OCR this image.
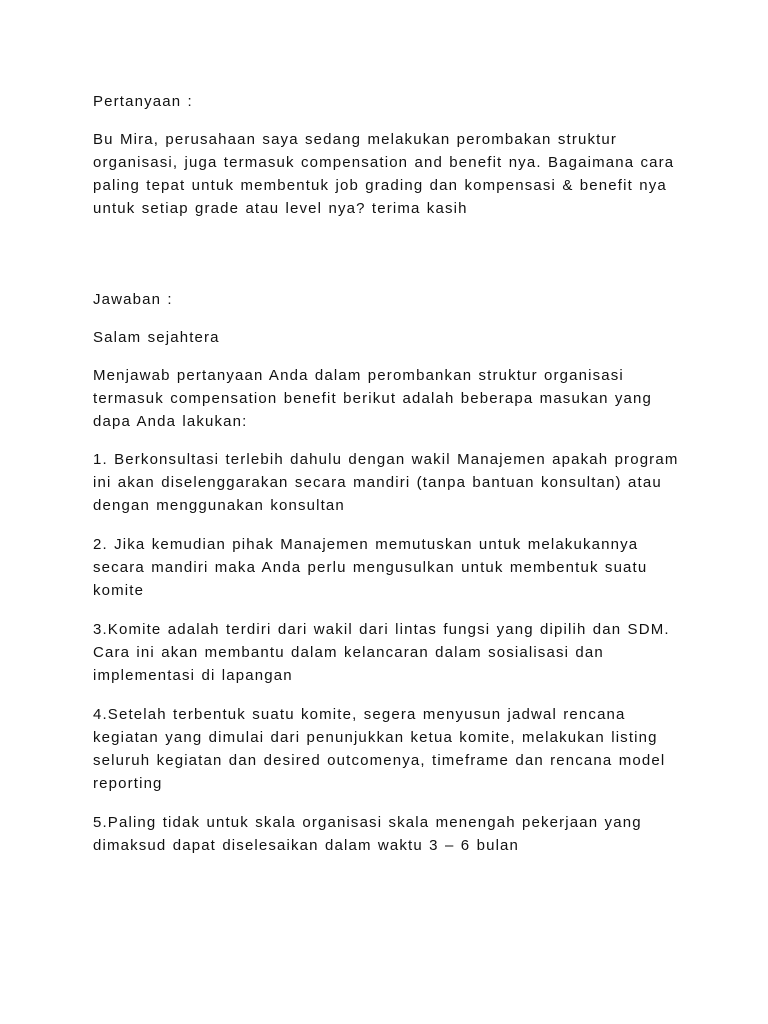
Pertanyaan :

Bu Mira, perusahaan saya sedang melakukan perombakan struktur organisasi, juga termasuk compensation and benefit nya. Bagaimana cara paling tepat untuk membentuk job grading dan kompensasi & benefit nya untuk setiap grade atau level nya? terima kasih

Jawaban :

Salam sejahtera

Menjawab pertanyaan Anda dalam perombankan struktur organisasi termasuk compensation benefit berikut adalah beberapa masukan yang dapa Anda lakukan:

1. Berkonsultasi terlebih dahulu dengan wakil Manajemen apakah program ini akan diselenggarakan secara mandiri (tanpa bantuan konsultan) atau dengan menggunakan konsultan

2. Jika kemudian pihak Manajemen memutuskan untuk melakukannya secara mandiri maka Anda perlu mengusulkan untuk membentuk suatu komite

3.Komite adalah terdiri dari wakil dari lintas fungsi yang dipilih dan SDM. Cara ini akan membantu dalam kelancaran dalam sosialisasi dan implementasi di lapangan

4.Setelah terbentuk suatu komite, segera menyusun jadwal rencana kegiatan yang dimulai dari penunjukkan ketua komite, melakukan listing seluruh kegiatan dan desired outcomenya, timeframe dan rencana model reporting

5.Paling tidak untuk skala organisasi skala menengah pekerjaan yang dimaksud dapat diselesaikan dalam waktu 3 – 6 bulan
